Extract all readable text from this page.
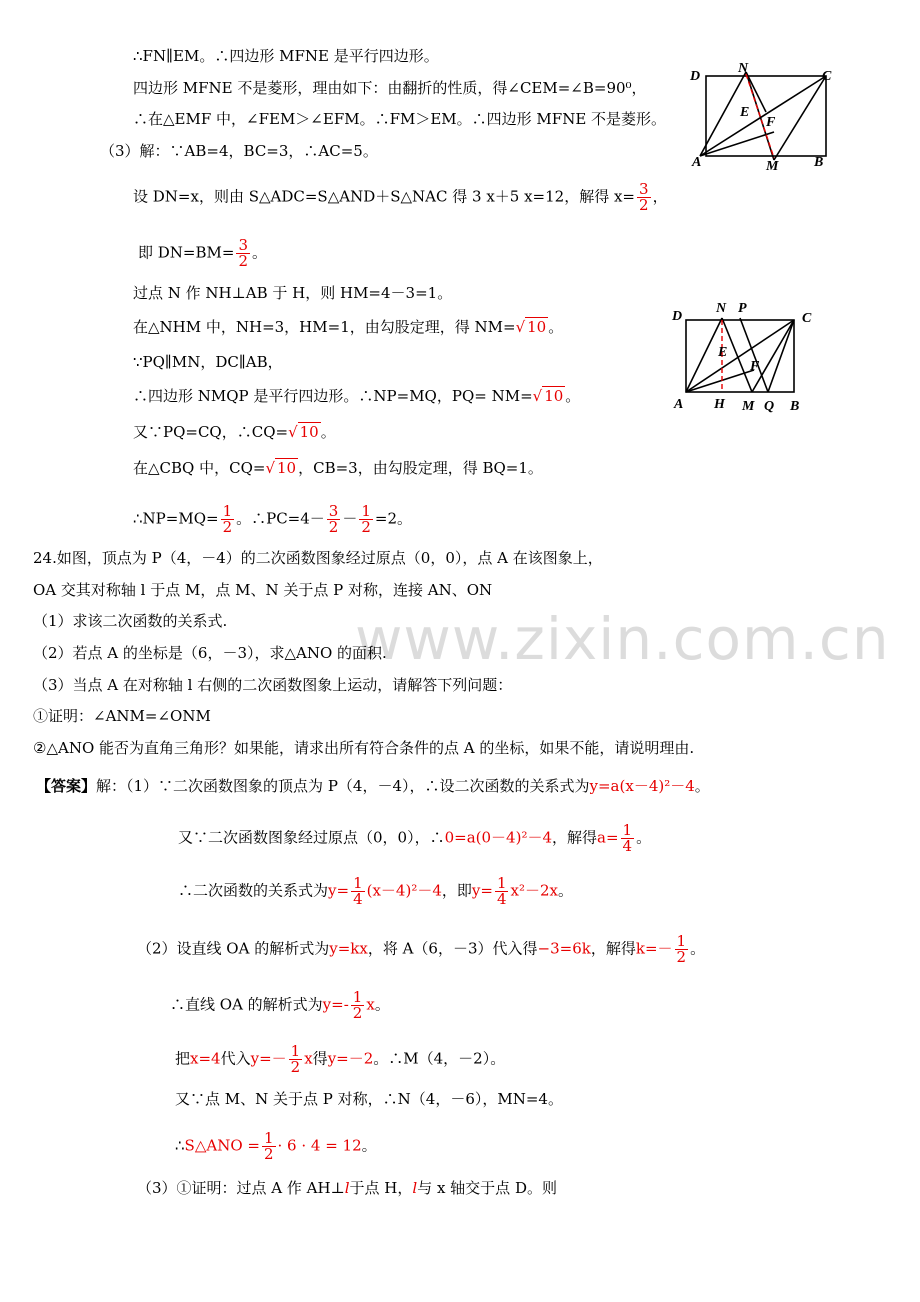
www.zixin.com.cn
D
N
C
E
F
A	M	B
D
N P
C
E
F
A H M Q B
∴FN∥EM。∴四边形 MFNE 是平行四边形。
四边形 MFNE 不是菱形，理由如下：由翻折的性质，得∠CEM=∠B=90⁰，
∴在△EMF 中，∠FEM＞∠EFM。∴FM＞EM。∴四边形 MFNE 不是菱形。
（3）解：∵AB=4，BC=3，∴AC=5。
设 DN=x，则由 S△ADC=S△AND＋S△NAC 得 3 x＋5 x=12，解得 $x= \frac{3}{2}$ ，
即 $DN=BM= \frac{3}{2}$ 。
过点 N 作 NH⊥AB 于 H，则 HM=4－3=1。
在△NHM 中，NH=3，HM=1，由勾股定理，得 NM=√ 10 。
∵PQ∥MN，DC∥AB，
∴四边形 NMQP 是平行四边形。∴NP=MQ，PQ= NM=√ 10 。
又∵PQ=CQ，∴CQ=√ 10 。
在△CBQ 中，CQ=√ 10 ，CB=3，由勾股定理，得 BQ=1。
∴NP=MQ= $\frac{1}{2}$ 。∴PC=4－ $\frac{3}{2} - \frac{1}{2} =2$。
24.如图，顶点为 P（4，－4）的二次函数图象经过原点（0，0），点 A 在该图象上，
OA 交其对称轴 l 于点 M，点 M、N 关于点 P 对称，连接 AN、ON
（1）求该二次函数的关系式.
（2）若点 A 的坐标是（6，－3），求△ANO 的面积.
（3）当点 A 在对称轴 l 右侧的二次函数图象上运动，请解答下列问题：
①证明：∠ANM=∠ONM
②△ANO 能否为直角三角形？如果能，请求出所有符合条件的点 A 的坐标，如果不能，请说明理由.
【答案】解：（1）∵二次函数图象的顶点为 P（4，－4），∴设二次函数的关系式为y=a(x－4)²－4。
又∵二次函数图象经过原点（0，0），∴0=a(0－4)²－4，解得$a= \frac{1}{4}$ 。
∴二次函数的关系式为$y= \frac{1}{4} (x-4)^2-4$，即$y= \frac{1}{4} x^2-2x$。
（2）设直线 OA 的解析式为y=kx，将 A（6，－3）代入得−3=6k，解得$k=- \frac{1}{2}$ 。
∴直线 OA 的解析式为$y=- \frac{1}{2}$ x。
把x=4代入$y=- \frac{1}{2}$ x得y=－2。∴M（4，－2）。
又∵点 M、N 关于点 P 对称，∴N（4，－6），MN=4。
∴S△ANO = $\frac{1}{2} \cdot 6 \cdot 4 = 12$。
（3）①证明：过点 A 作 AH⊥l于点 H，l与 x 轴交于点 D。则
